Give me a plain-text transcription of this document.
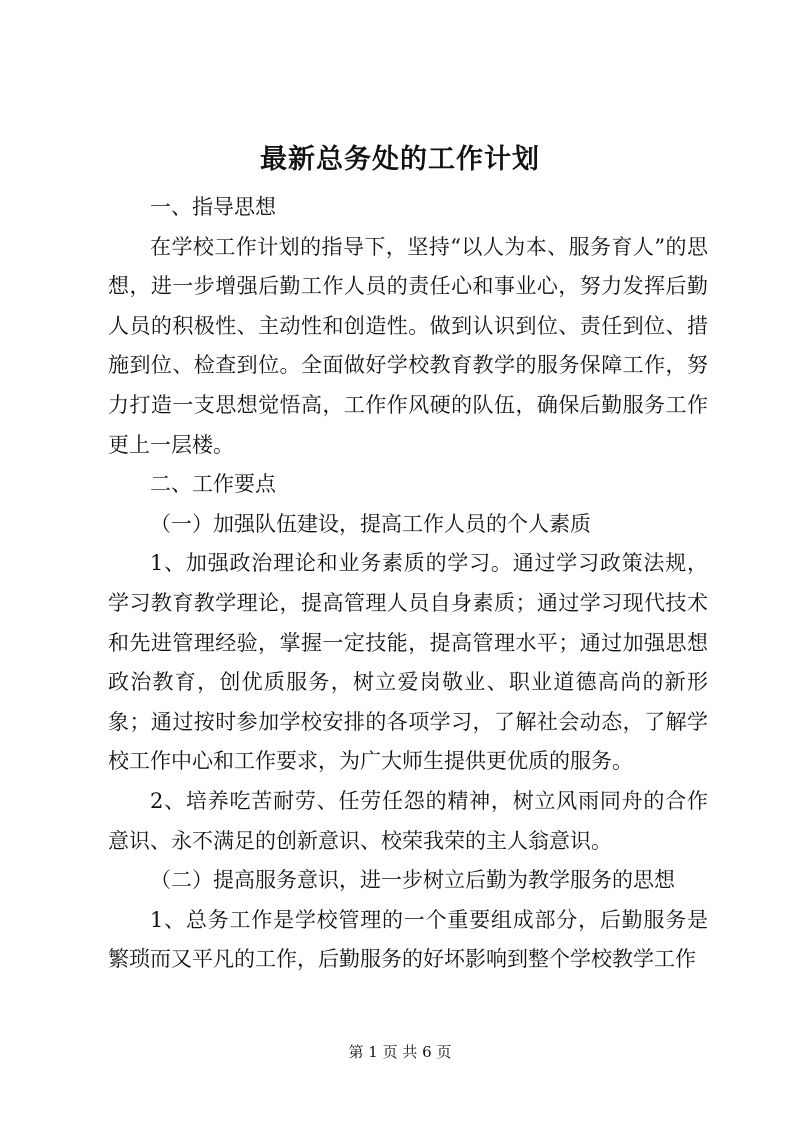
最新总务处的工作计划

一、指导思想

在学校工作计划的指导下，坚持“以人为本、服务育人”的思想，进一步增强后勤工作人员的责任心和事业心，努力发挥后勤人员的积极性、主动性和创造性。做到认识到位、责任到位、措施到位、检查到位。全面做好学校教育教学的服务保障工作，努力打造一支思想觉悟高，工作作风硬的队伍，确保后勤服务工作更上一层楼。

二、工作要点

（一）加强队伍建设，提高工作人员的个人素质

1、加强政治理论和业务素质的学习。通过学习政策法规，学习教育教学理论，提高管理人员自身素质；通过学习现代技术和先进管理经验，掌握一定技能，提高管理水平；通过加强思想政治教育，创优质服务，树立爱岗敬业、职业道德高尚的新形象；通过按时参加学校安排的各项学习，了解社会动态，了解学校工作中心和工作要求，为广大师生提供更优质的服务。

2、培养吃苦耐劳、任劳任怨的精神，树立风雨同舟的合作意识、永不满足的创新意识、校荣我荣的主人翁意识。

（二）提高服务意识，进一步树立后勤为教学服务的思想

1、总务工作是学校管理的一个重要组成部分，后勤服务是繁琐而又平凡的工作，后勤服务的好坏影响到整个学校教学工作

第 1 页 共 6 页
